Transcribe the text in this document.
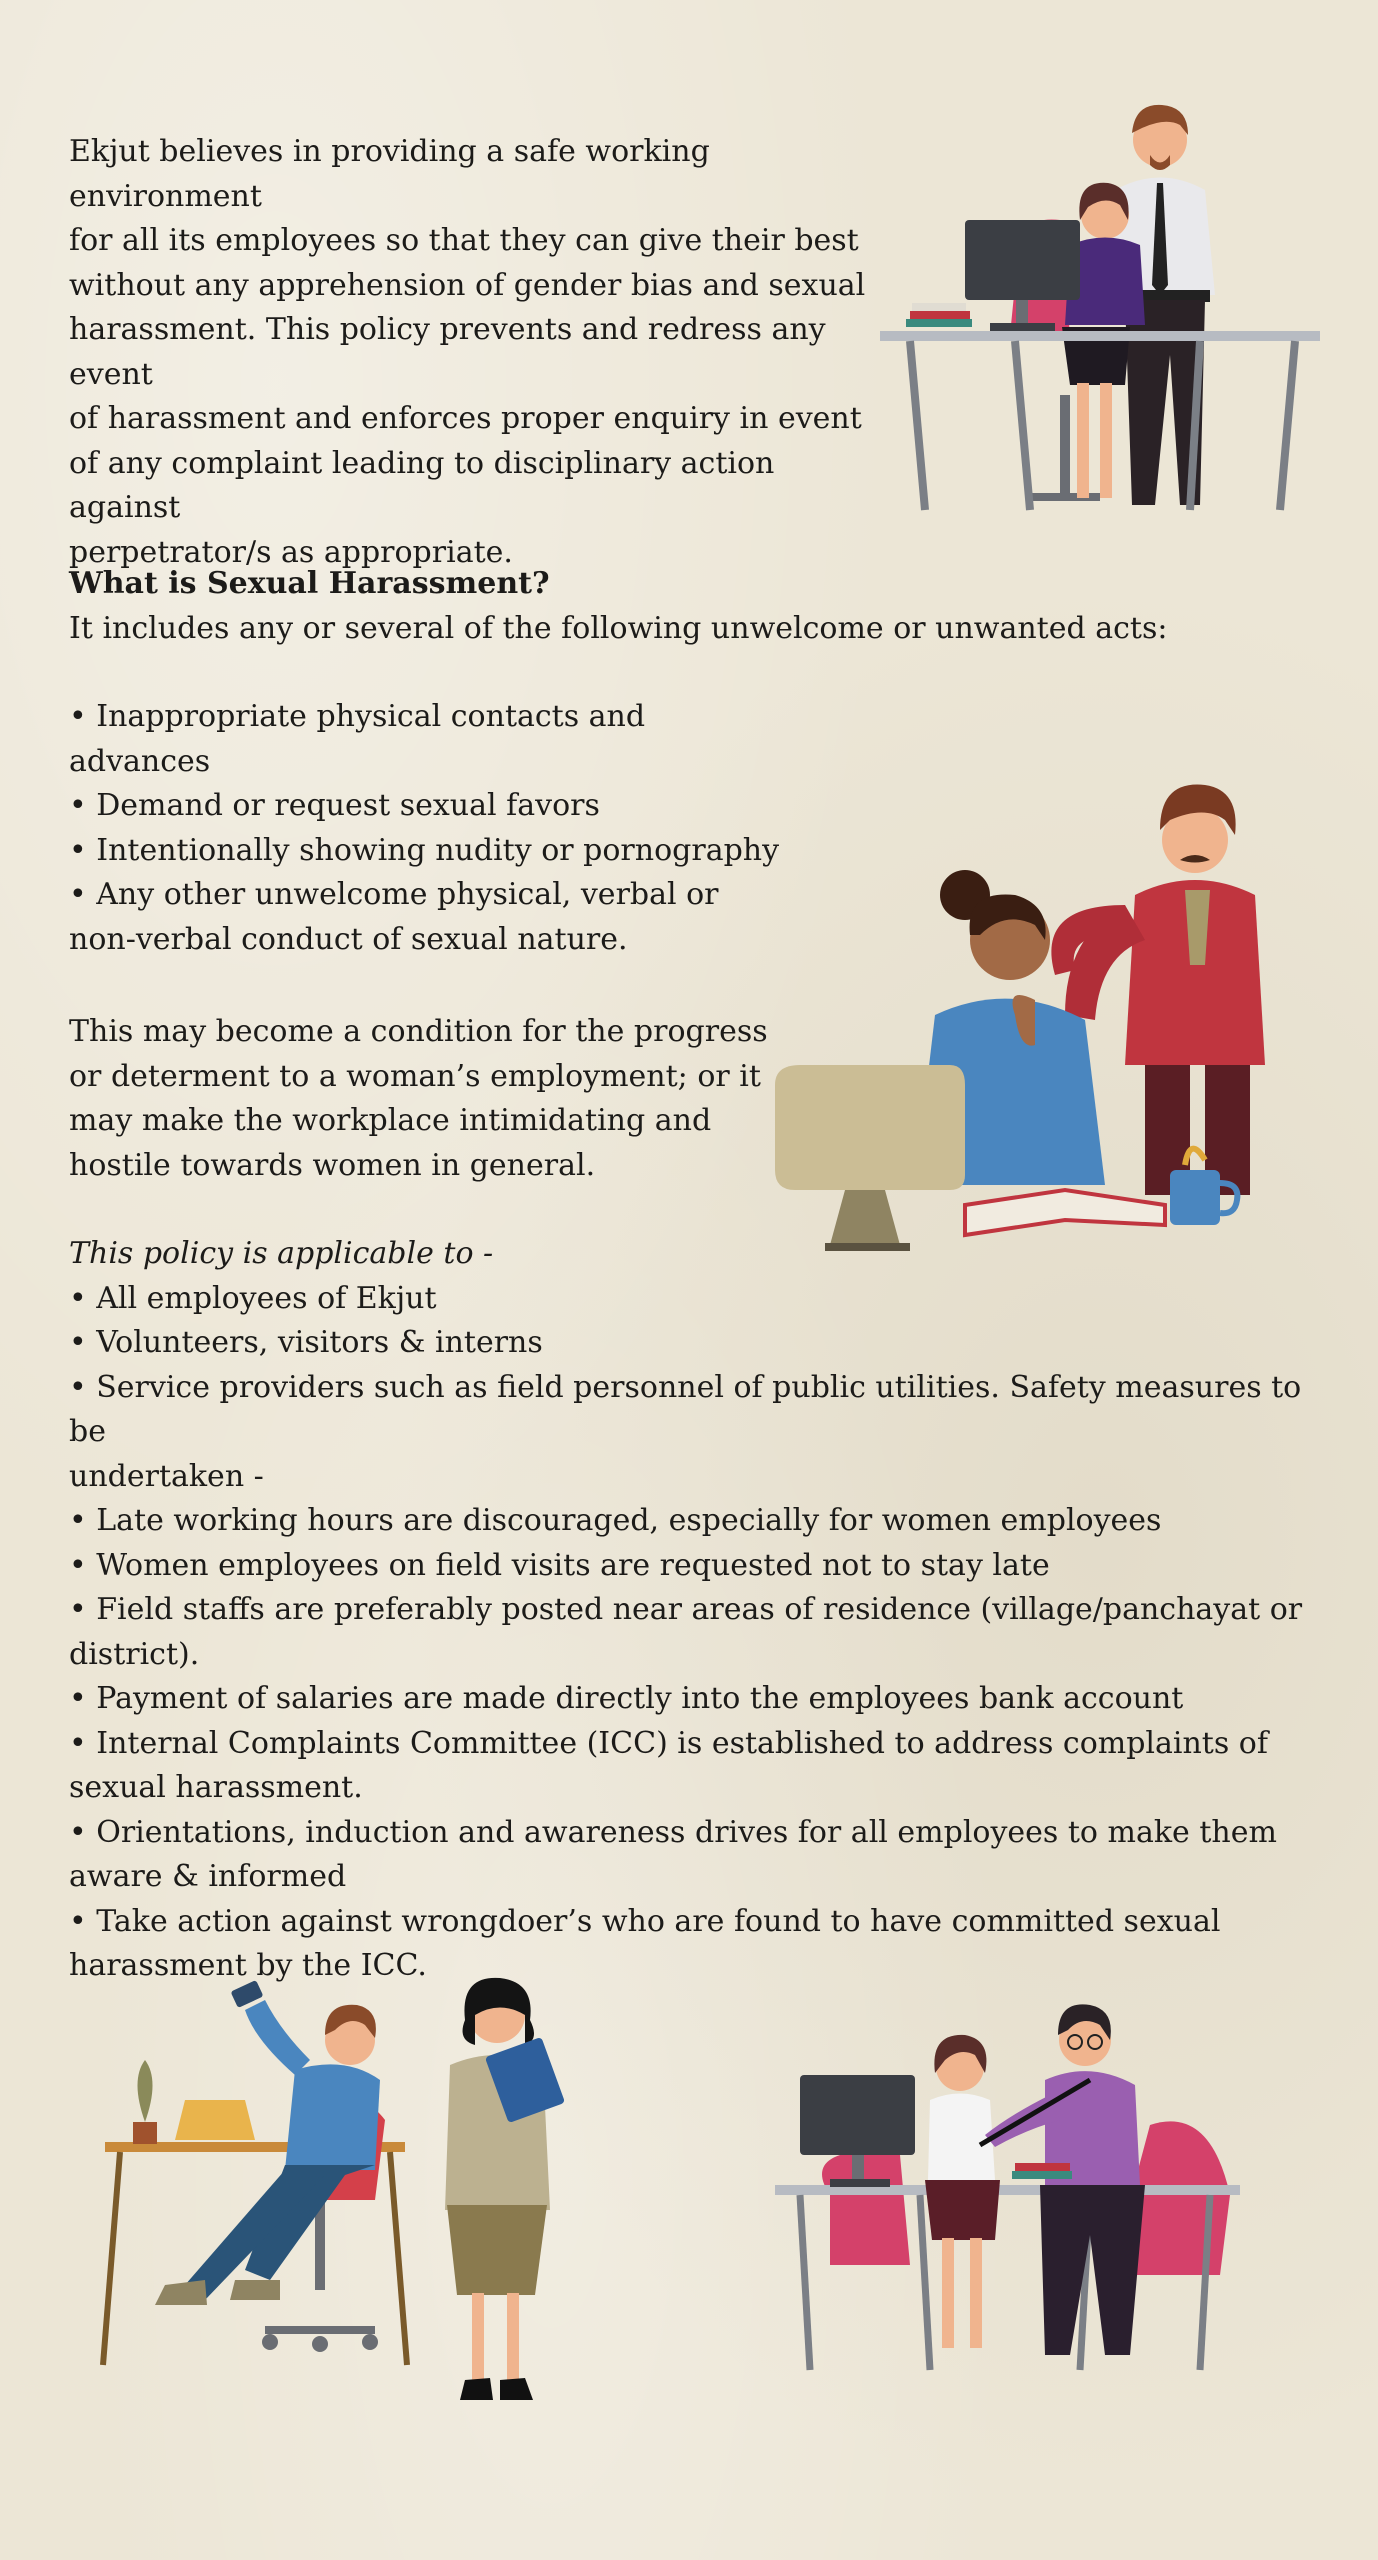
Ekjut believes in providing a safe working environment

for all its employees so that they can give their best

without any apprehension of gender bias and sexual

harassment. This policy prevents and redress any event

of harassment and enforces proper enquiry in event

of any complaint leading to disciplinary action against

perpetrator/s as appropriate.

What is Sexual Harassment?

It includes any or several of the following unwelcome or unwanted acts:

• Inappropriate physical contacts and

advances

• Demand or request sexual favors

• Intentionally showing nudity or pornography

• Any other unwelcome physical, verbal or

non-verbal conduct of sexual nature.

This may become a condition for the progress

or determent to a woman’s employment; or it

may make the workplace intimidating and

hostile towards women in general.

This policy is applicable to -

• All employees of Ekjut

• Volunteers, visitors & interns

• Service providers such as field personnel of public utilities. Safety measures to be

undertaken -

• Late working hours are discouraged, especially for women employees

• Women employees on field visits are requested not to stay late

• Field staffs are preferably posted near areas of residence (village/panchayat or

district).

• Payment of salaries are made directly into the employees bank account

• Internal Complaints Committee (ICC) is established to address complaints of

sexual harassment.

• Orientations, induction and awareness drives for all employees to make them

aware & informed

• Take action against wrongdoer’s who are found to have committed sexual

harassment by the ICC.
